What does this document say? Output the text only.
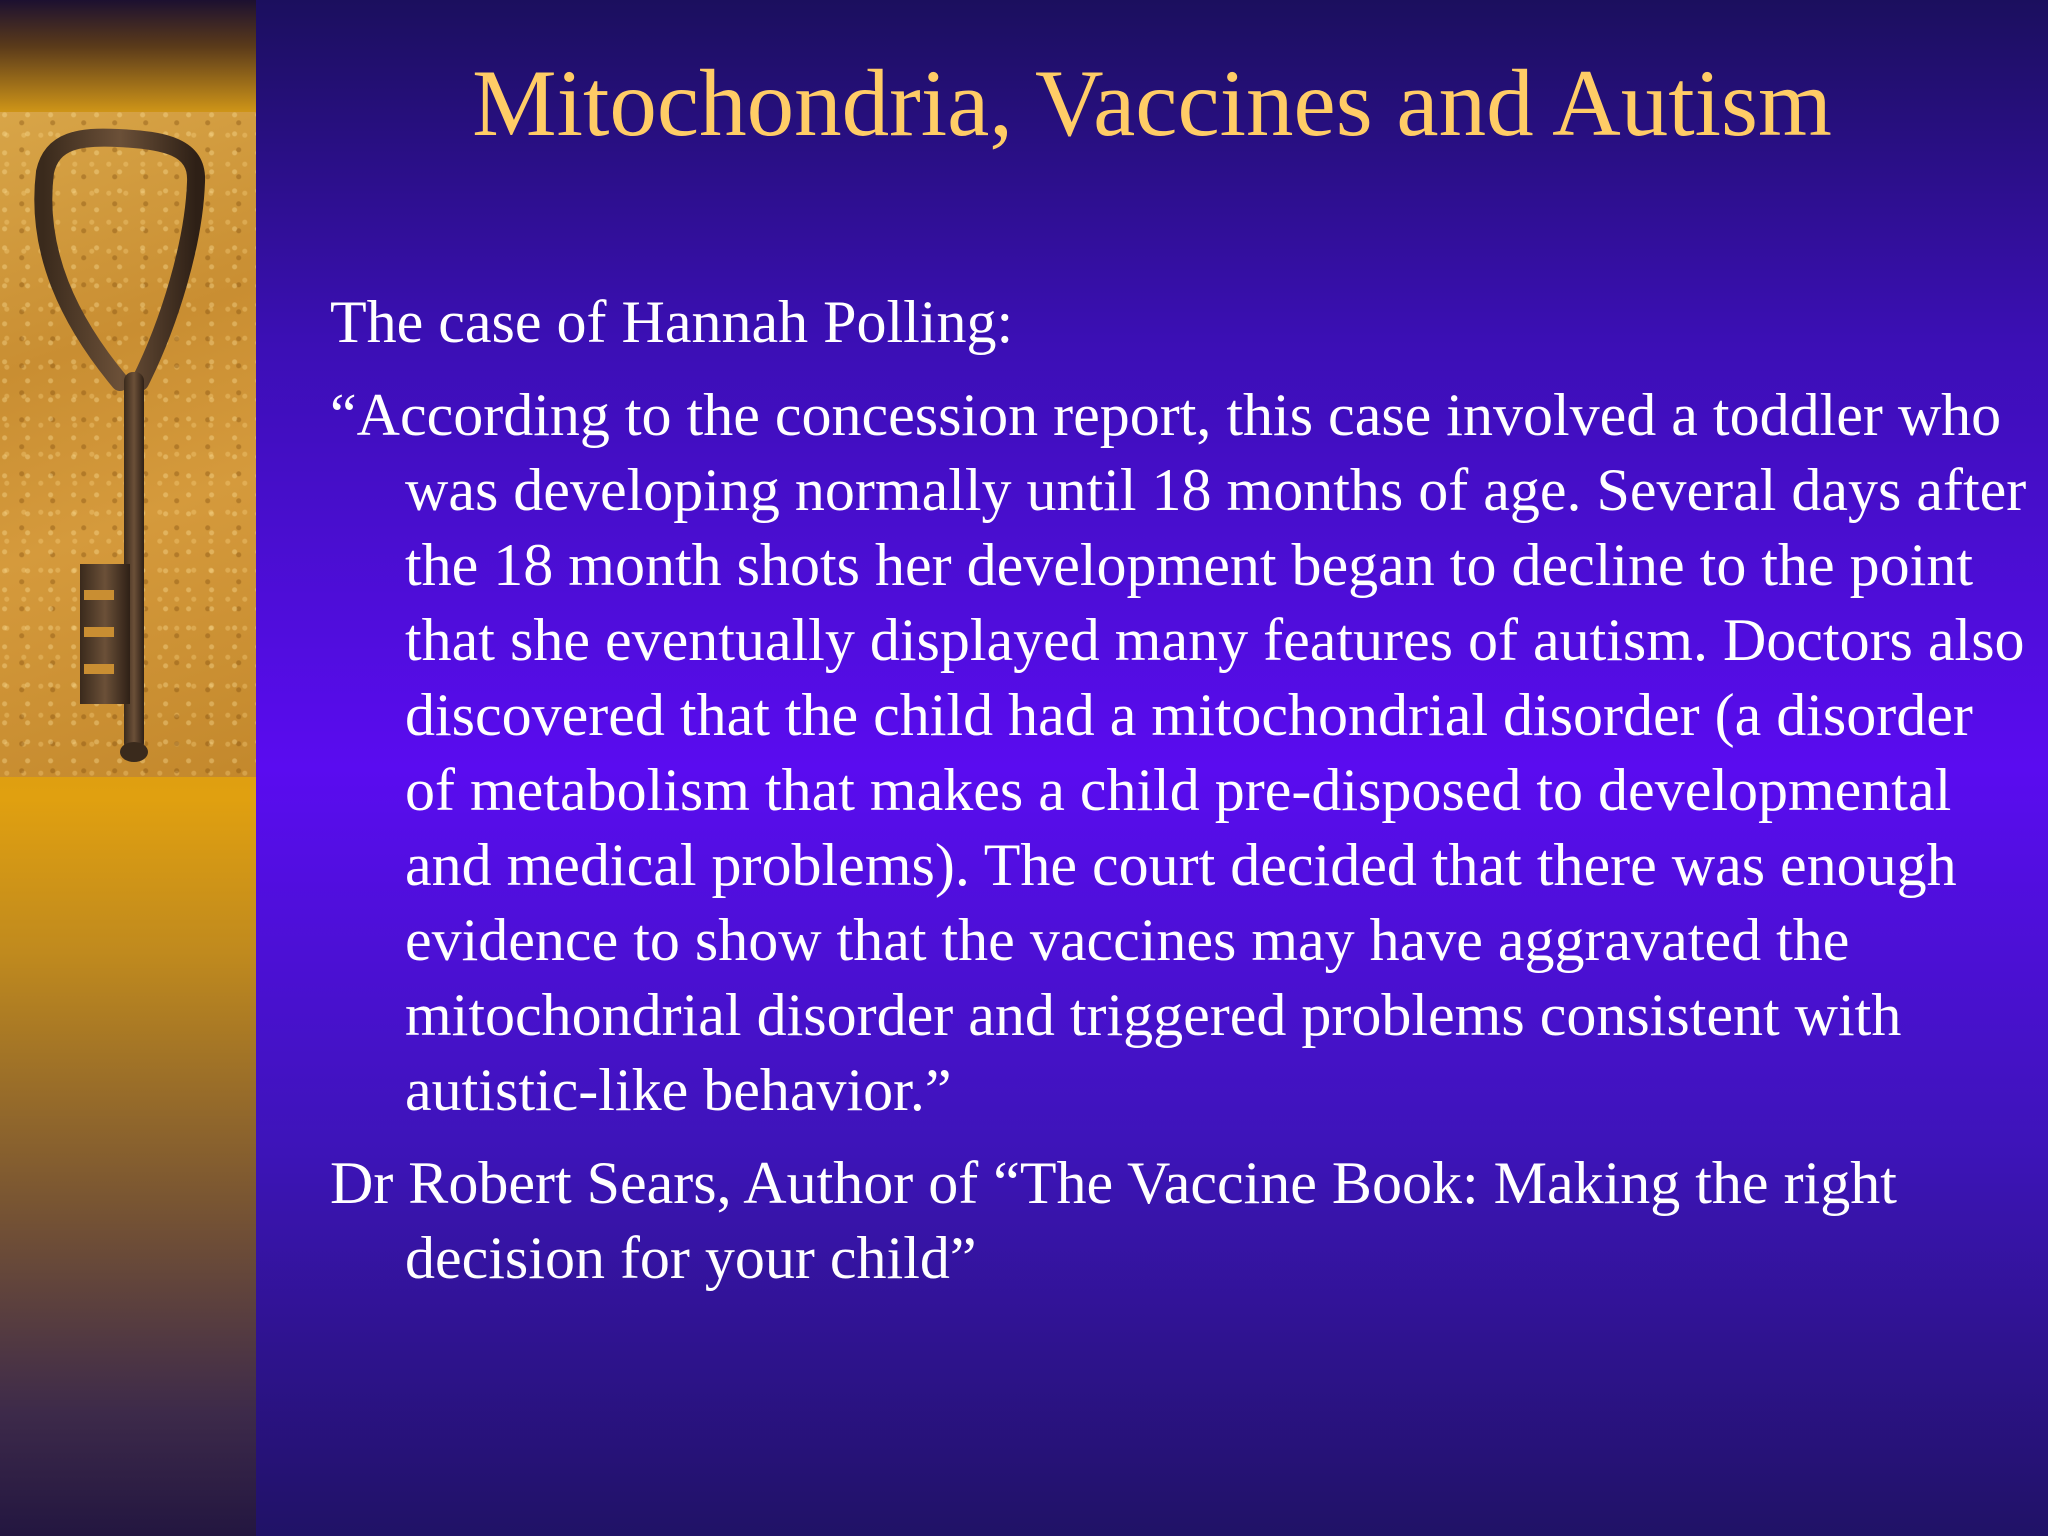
Mitochondria, Vaccines and Autism

The case of Hannah Polling:

“According to the concession report, this case involved a toddler who was developing normally until 18 months of age. Several days after the 18 month shots her development began to decline to the point that she eventually displayed many features of autism. Doctors also discovered that the child had a mitochondrial disorder (a disorder of metabolism that makes a child pre-disposed to developmental and medical problems). The court decided that there was enough evidence to show that the vaccines may have aggravated the mitochondrial disorder and triggered problems consistent with autistic-like behavior.”

Dr Robert Sears, Author of “The Vaccine Book: Making the right decision for your child”
